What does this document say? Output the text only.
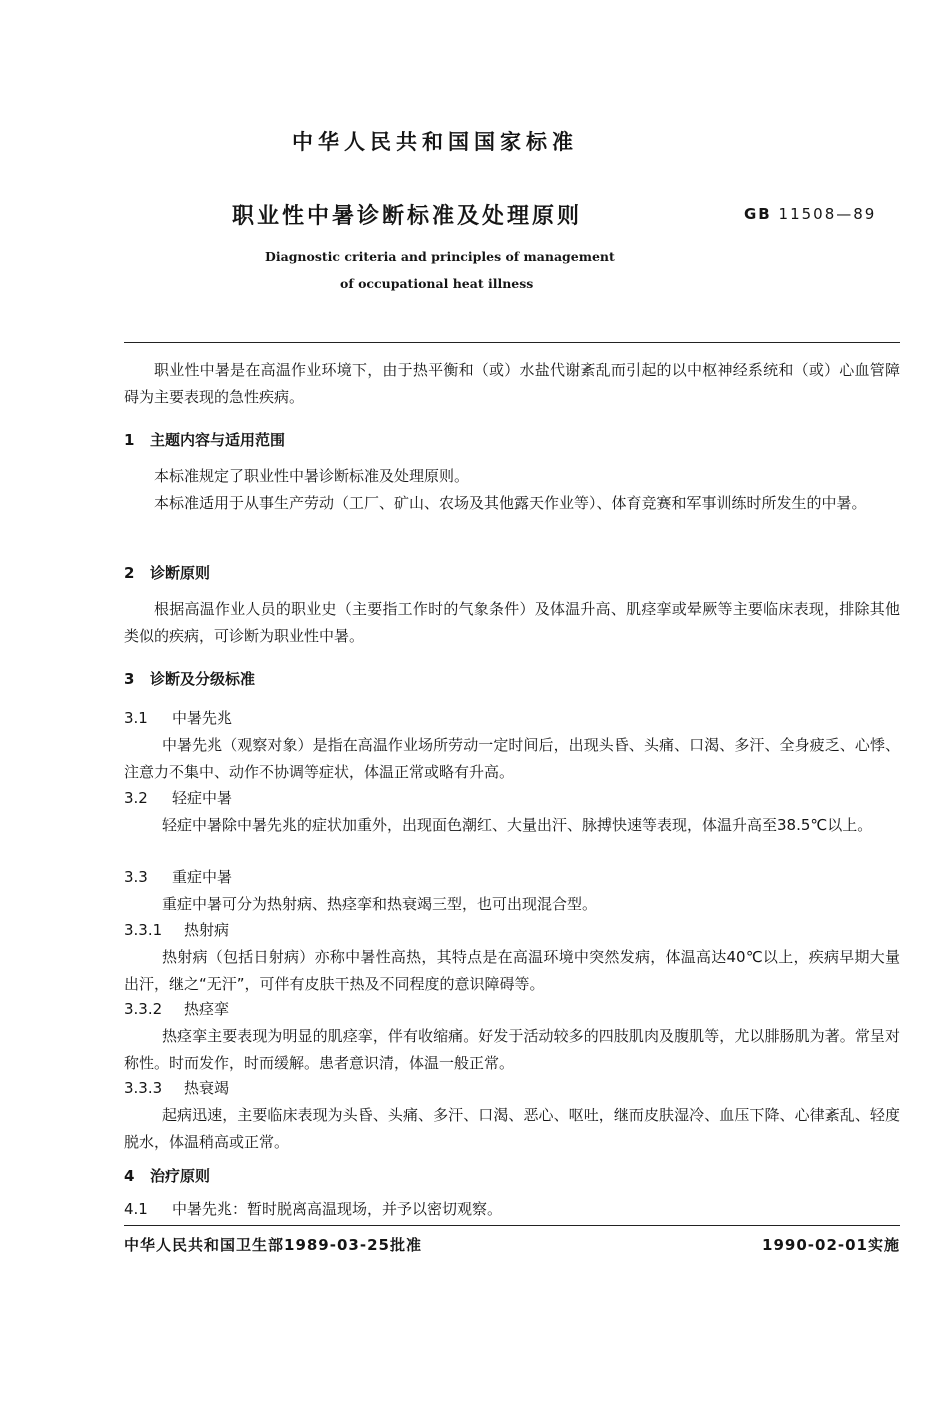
中华人民共和国国家标准
职业性中暑诊断标准及处理原则	GB 11508—89
Diagnostic criteria and principles of management
of occupational heat illness
职业性中暑是在高温作业环境下，由于热平衡和（或）水盐代谢紊乱而引起的以中枢神经系统和（或）心血管障碍为主要表现的急性疾病。
1 主题内容与适用范围
本标准规定了职业性中暑诊断标准及处理原则。
本标准适用于从事生产劳动（工厂、矿山、农场及其他露天作业等）、体育竞赛和军事训练时所发生的中暑。
2 诊断原则
根据高温作业人员的职业史（主要指工作时的气象条件）及体温升高、肌痉挛或晕厥等主要临床表现，排除其他类似的疾病，可诊断为职业性中暑。
3 诊断及分级标准
3.1 中暑先兆
中暑先兆（观察对象）是指在高温作业场所劳动一定时间后，出现头昏、头痛、口渴、多汗、全身疲乏、心悸、注意力不集中、动作不协调等症状，体温正常或略有升高。
3.2 轻症中暑
轻症中暑除中暑先兆的症状加重外，出现面色潮红、大量出汗、脉搏快速等表现，体温升高至38.5℃以上。
3.3 重症中暑
重症中暑可分为热射病、热痉挛和热衰竭三型，也可出现混合型。
3.3.1 热射病
热射病（包括日射病）亦称中暑性高热，其特点是在高温环境中突然发病，体温高达40℃以上，疾病早期大量出汗，继之“无汗”，可伴有皮肤干热及不同程度的意识障碍等。
3.3.2 热痉挛
热痉挛主要表现为明显的肌痉挛，伴有收缩痛。好发于活动较多的四肢肌肉及腹肌等，尤以腓肠肌为著。常呈对称性。时而发作，时而缓解。患者意识清，体温一般正常。
3.3.3 热衰竭
起病迅速，主要临床表现为头昏、头痛、多汗、口渴、恶心、呕吐，继而皮肤湿冷、血压下降、心律紊乱、轻度脱水，体温稍高或正常。
4 治疗原则
4.1 中暑先兆：暂时脱离高温现场，并予以密切观察。
中华人民共和国卫生部1989-03-25批准	1990-02-01实施
